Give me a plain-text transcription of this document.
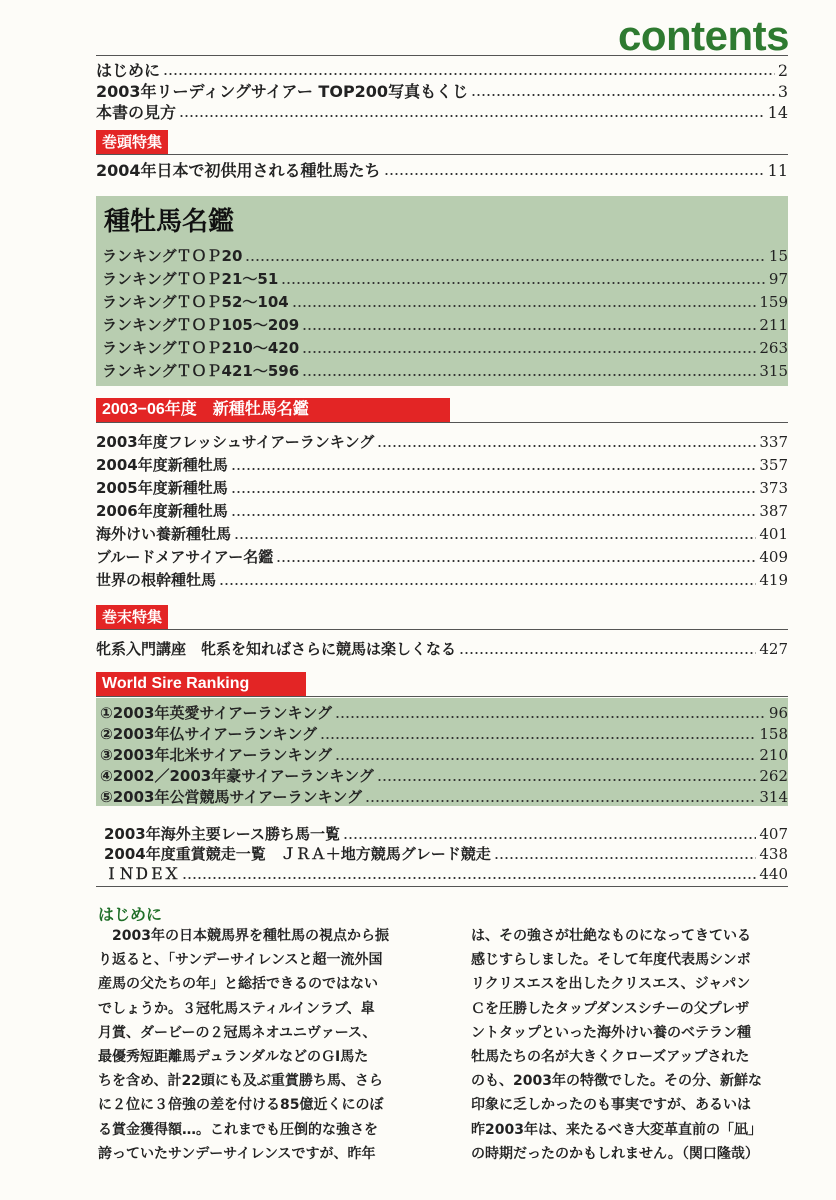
contents
はじめに	2
2003年リーディングサイアー TOP200写真もくじ	3
本書の見方	14
巻頭特集
2004年日本で初供用される種牡馬たち	11
種牡馬名鑑
ランキングＴＯＰ20	15
ランキングＴＯＰ21～51	97
ランキングＴＯＰ52～104	159
ランキングＴＯＰ105～209	211
ランキングＴＯＰ210～420	263
ランキングＴＯＰ421～596	315
2003−06年度　新種牡馬名鑑
2003年度フレッシュサイアーランキング	337
2004年度新種牡馬	357
2005年度新種牡馬	373
2006年度新種牡馬	387
海外けい養新種牡馬	401
ブルードメアサイアー名鑑	409
世界の根幹種牡馬	419
巻末特集
牝系入門講座　牝系を知ればさらに競馬は楽しくなる	427
World Sire Ranking
①2003年英愛サイアーランキング	96
②2003年仏サイアーランキング	158
③2003年北米サイアーランキング	210
④2002／2003年豪サイアーランキング	262
⑤2003年公営競馬サイアーランキング	314
2003年海外主要レース勝ち馬一覧	407
2004年度重賞競走一覧　ＪＲＡ＋地方競馬グレード競走	438
ＩＮＤＥＸ	440
はじめに
　2003年の日本競馬界を種牡馬の視点から振
り返ると、「サンデーサイレンスと超一流外国
産馬の父たちの年」と総括できるのではない
でしょうか。３冠牝馬スティルインラブ、皐
月賞、ダービーの２冠馬ネオユニヴァース、
最優秀短距離馬デュランダルなどのＧⅠ馬た
ちを含め、計22頭にも及ぶ重賞勝ち馬、さら
に２位に３倍強の差を付ける85億近くにのぼ
る賞金獲得額…。これまでも圧倒的な強さを
誇っていたサンデーサイレンスですが、昨年
は、その強さが壮絶なものになってきている
感じすらしました。そして年度代表馬シンボ
リクリスエスを出したクリスエス、ジャパン
Ｃを圧勝したタップダンスシチーの父プレザ
ントタップといった海外けい養のベテラン種
牡馬たちの名が大きくクローズアップされた
のも、2003年の特徴でした。その分、新鮮な
印象に乏しかったのも事実ですが、あるいは
昨2003年は、来たるべき大変革直前の「凪」
の時期だったのかもしれません。（関口隆哉）
